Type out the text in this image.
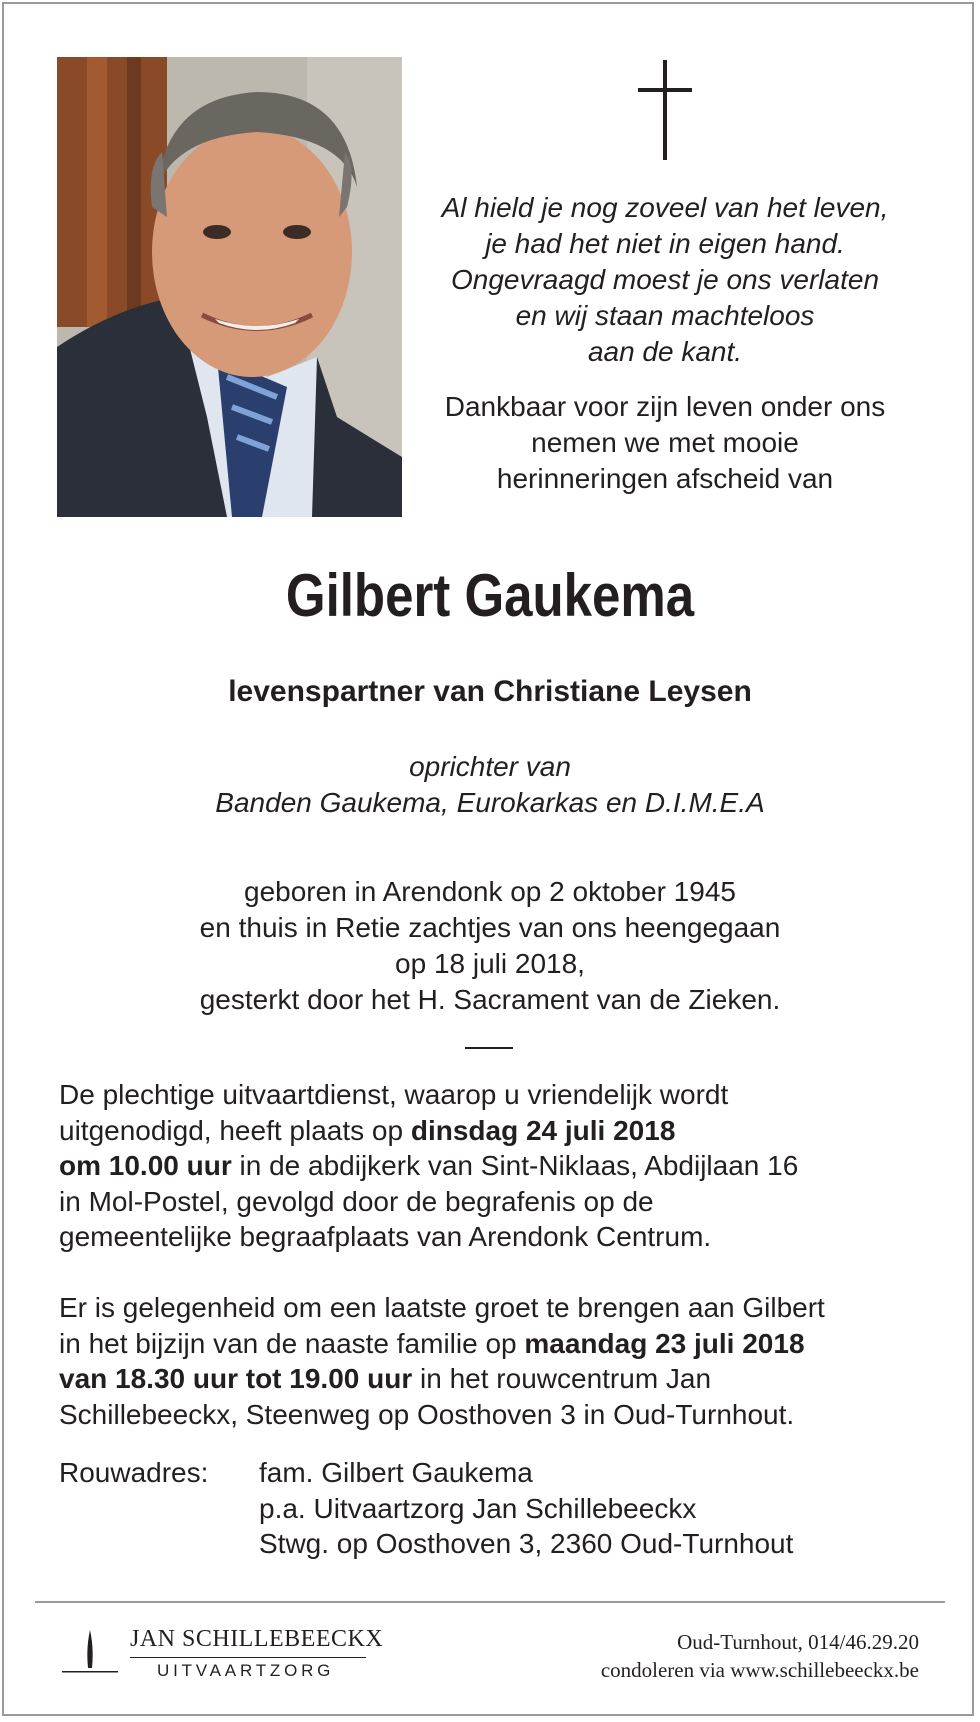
Al hield je nog zoveel van het leven,
je had het niet in eigen hand.
Ongevraagd moest je ons verlaten
en wij staan machteloos
aan de kant.

Dankbaar voor zijn leven onder ons
nemen we met mooie
herinneringen afscheid van

Gilbert Gaukema

levenspartner van Christiane Leysen

oprichter van
Banden Gaukema, Eurokarkas en D.I.M.E.A

geboren in Arendonk op 2 oktober 1945
en thuis in Retie zachtjes van ons heengegaan
op 18 juli 2018,
gesterkt door het H. Sacrament van de Zieken.

De plechtige uitvaartdienst, waarop u vriendelijk wordt
uitgenodigd, heeft plaats op dinsdag 24 juli 2018
om 10.00 uur in de abdijkerk van Sint-Niklaas, Abdijlaan 16
in Mol-Postel, gevolgd door de begrafenis op de
gemeentelijke begraafplaats van Arendonk Centrum.

Er is gelegenheid om een laatste groet te brengen aan Gilbert
in het bijzijn van de naaste familie op maandag 23 juli 2018
van 18.30 uur tot 19.00 uur in het rouwcentrum Jan
Schillebeeckx, Steenweg op Oosthoven 3 in Oud-Turnhout.

Rouwadres: fam. Gilbert Gaukema
p.a. Uitvaartzorg Jan Schillebeeckx
Stwg. op Oosthoven 3, 2360 Oud-Turnhout
JAN SCHILLEBEECKX
UITVAARTZORG
Oud-Turnhout, 014/46.29.20
condoleren via www.schillebeeckx.be
